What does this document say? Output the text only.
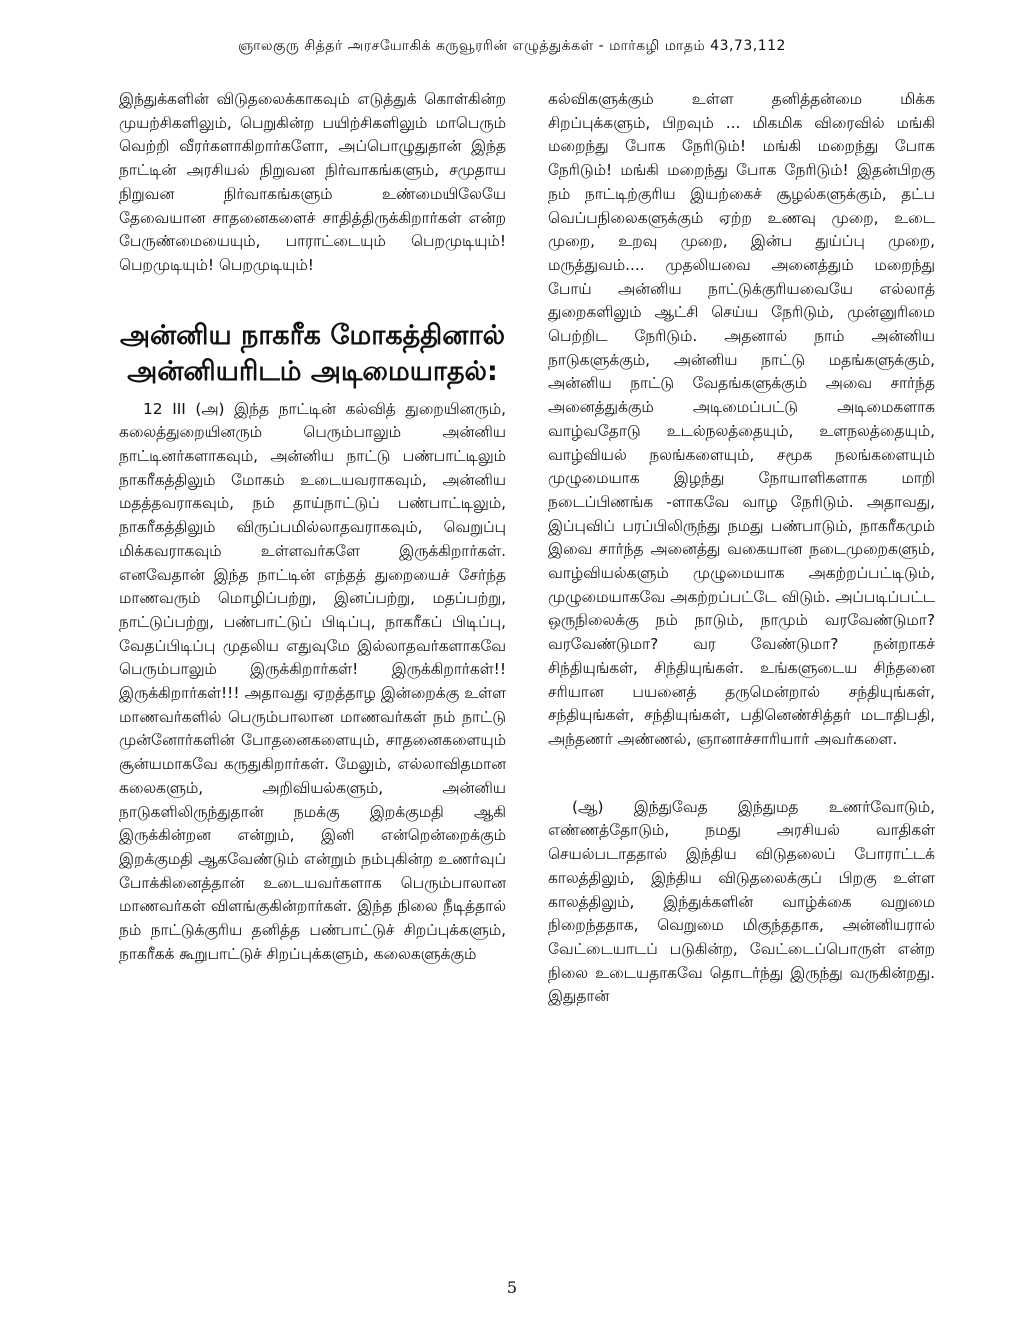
ஞாலகுரு சித்தர் அரசயோகிக் கருவூரரின் எழுத்துக்கள் - மார்கழி மாதம் 43,73,112

இந்துக்களின் விடுதலைக்காகவும் எடுத்துக் கொள்கின்ற முயற்சிகளிலும், பெறுகின்ற பயிற்சிகளிலும் மாபெரும் வெற்றி வீரர்களாகிறார்களோ, அப்பொழுதுதான் இந்த நாட்டின் அரசியல் நிறுவன நிர்வாகங்களும், சமுதாய நிறுவன நிர்வாகங்களும் உண்மையிலேயே தேவையான சாதனைகளைச் சாதித்திருக்கிறார்கள் என்ற பேருண்மையையும், பாராட்டையும் பெறமுடியும்! பெறமுடியும்! பெறமுடியும்!

அன்னிய நாகரீக மோகத்தினால்

அன்னியரிடம் அடிமையாதல்:

12 III (அ) இந்த நாட்டின் கல்வித் துறையினரும், கலைத்துறையினரும் பெரும்பாலும் அன்னிய நாட்டினர்களாகவும், அன்னிய நாட்டு பண்பாட்டிலும் நாகரீகத்திலும் மோகம் உடையவராகவும், அன்னிய மதத்தவராகவும், நம் தாய்நாட்டுப் பண்பாட்டிலும், நாகரீகத்திலும் விருப்பமில்லாதவராகவும், வெறுப்பு மிக்கவராகவும் உள்ளவர்களே இருக்கிறார்கள். எனவேதான் இந்த நாட்டின் எந்தத் துறையைச் சேர்ந்த மாணவரும் மொழிப்பற்று, இனப்பற்று, மதப்பற்று, நாட்டுப்பற்று, பண்பாட்டுப் பிடிப்பு, நாகரீகப் பிடிப்பு, வேதப்பிடிப்பு முதலிய எதுவுமே இல்லாதவர்களாகவே பெரும்பாலும் இருக்கிறார்கள்! இருக்கிறார்கள்!! இருக்கிறார்கள்!!! அதாவது ஏறத்தாழ இன்றைக்கு உள்ள மாணவர்களில் பெரும்பாலான மாணவர்கள் நம் நாட்டு முன்னோர்களின் போதனைகளையும், சாதனைகளையும் சூன்யமாகவே கருதுகிறார்கள். மேலும், எல்லாவிதமான கலைகளும், அறிவியல்களும், அன்னிய நாடுகளிலிருந்துதான் நமக்கு இறக்குமதி ஆகி இருக்கின்றன என்றும், இனி என்றென்றைக்கும் இறக்குமதி ஆகவேண்டும் என்றும் நம்புகின்ற உணர்வுப் போக்கினைத்தான் உடையவர்களாக பெரும்பாலான மாணவர்கள் விளங்குகின்றார்கள். இந்த நிலை நீடித்தால் நம் நாட்டுக்குரிய தனித்த பண்பாட்டுச் சிறப்புக்களும், நாகரீகக் கூறுபாட்டுச் சிறப்புக்களும், கலைகளுக்கும்

கல்விகளுக்கும் உள்ள தனித்தன்மை மிக்க சிறப்புக்களும், பிறவும் ... மிகமிக விரைவில் மங்கி மறைந்து போக நேரிடும்! மங்கி மறைந்து போக நேரிடும்! மங்கி மறைந்து போக நேரிடும்! இதன்பிறகு நம் நாட்டிற்குரிய இயற்கைச் சூழல்களுக்கும், தட்ப வெப்பநிலைகளுக்கும் ஏற்ற உணவு முறை, உடை முறை, உறவு முறை, இன்ப துய்ப்பு முறை, மருத்துவம்.... முதலியவை அனைத்தும் மறைந்து போய் அன்னிய நாட்டுக்குரியவையே எல்லாத் துறைகளிலும் ஆட்சி செய்ய நேரிடும், முன்னுரிமை பெற்றிட நேரிடும். அதனால் நாம் அன்னிய நாடுகளுக்கும், அன்னிய நாட்டு மதங்களுக்கும், அன்னிய நாட்டு வேதங்களுக்கும் அவை சார்ந்த அனைத்துக்கும் அடிமைப்பட்டு அடிமைகளாக வாழ்வதோடு உடல்நலத்தையும், உளநலத்தையும், வாழ்வியல் நலங்களையும், சமூக நலங்களையும் முழுமையாக இழந்து நோயாளிகளாக மாறி நடைப்பிணங்க -ளாகவே வாழ நேரிடும். அதாவது, இப்புவிப் பரப்பிலிருந்து நமது பண்பாடும், நாகரீகமும் இவை சார்ந்த அனைத்து வகையான நடைமுறைகளும், வாழ்வியல்களும் முழுமையாக அகற்றப்பட்டிடும், முழுமையாகவே அகற்றப்பட்டே விடும். அப்படிப்பட்ட ஒருநிலைக்கு நம் நாடும், நாமும் வரவேண்டுமா? வரவேண்டுமா? வர வேண்டுமா? நன்றாகச் சிந்தியுங்கள், சிந்தியுங்கள். உங்களுடைய சிந்தனை சரியான பயனைத் தருமென்றால் சந்தியுங்கள், சந்தியுங்கள், சந்தியுங்கள், பதினெண்சித்தர் மடாதிபதி, அந்தணர் அண்ணல், ஞானாச்சாரியார் அவர்களை.

(ஆ) இந்துவேத இந்துமத உணர்வோடும், எண்ணத்தோடும், நமது அரசியல் வாதிகள் செயல்படாததால் இந்திய விடுதலைப் போராட்டக் காலத்திலும், இந்திய விடுதலைக்குப் பிறகு உள்ள காலத்திலும், இந்துக்களின் வாழ்க்கை வறுமை நிறைந்ததாக, வெறுமை மிகுந்ததாக, அன்னியரால் வேட்டையாடப் படுகின்ற, வேட்டைப்பொருள் என்ற நிலை உடையதாகவே தொடர்ந்து இருந்து வருகின்றது. இதுதான்

5
